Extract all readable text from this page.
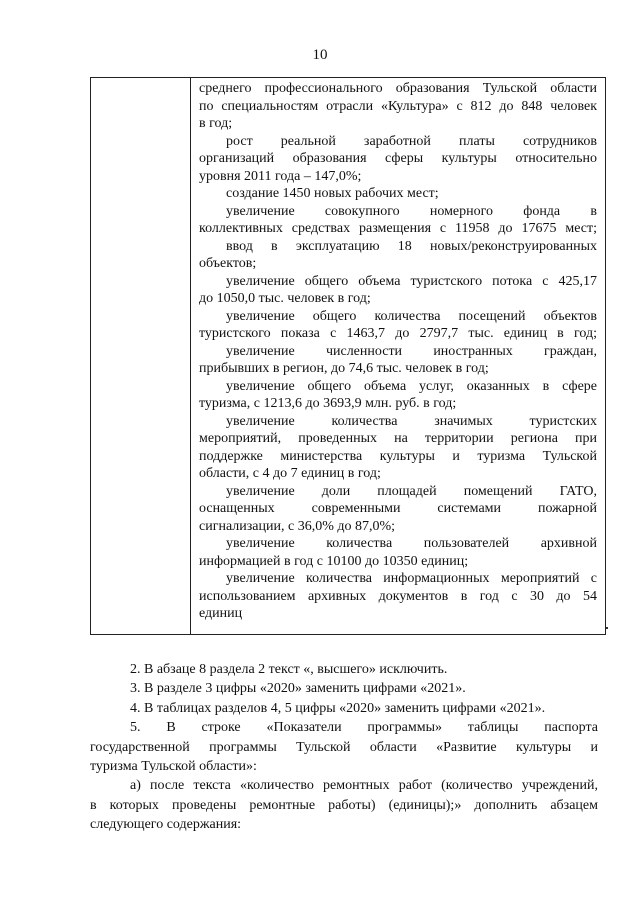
10
среднего профессионального образования Тульской области
по специальностям отрасли «Культура» с 812 до 848 человек
в год;
рост реальной заработной платы сотрудников
организаций образования сферы культуры относительно
уровня 2011 года – 147,0%;
создание 1450 новых рабочих мест;
увеличение совокупного номерного фонда в
коллективных средствах размещения с 11958 до 17675 мест;
ввод в эксплуатацию 18 новых/реконструированных
объектов;
увеличение общего объема туристского потока с 425,17
до 1050,0 тыс. человек в год;
увеличение общего количества посещений объектов
туристского показа с 1463,7 до 2797,7 тыс. единиц в год;
увеличение численности иностранных граждан,
прибывших в регион, до 74,6 тыс. человек в год;
увеличение общего объема услуг, оказанных в сфере
туризма, с 1213,6 до 3693,9 млн. руб. в год;
увеличение количества значимых туристских
мероприятий, проведенных на территории региона при
поддержке министерства культуры и туризма Тульской
области, с 4 до 7 единиц в год;
увеличение доли площадей помещений ГАТО,
оснащенных современными системами пожарной
сигнализации, с 36,0% до 87,0%;
увеличение количества пользователей архивной
информацией в год с 10100 до 10350 единиц;
увеличение количества информационных мероприятий с
использованием архивных документов в год с 30 до 54
единиц
2. В абзаце 8 раздела 2 текст «, высшего» исключить.
3. В разделе 3 цифры «2020» заменить цифрами «2021».
4. В таблицах разделов 4, 5 цифры «2020» заменить цифрами «2021».
5. В строке «Показатели программы» таблицы паспорта
государственной программы Тульской области «Развитие культуры и
туризма Тульской области»:
а) после текста «количество ремонтных работ (количество учреждений,
в которых проведены ремонтные работы) (единицы);» дополнить абзацем
следующего содержания:
